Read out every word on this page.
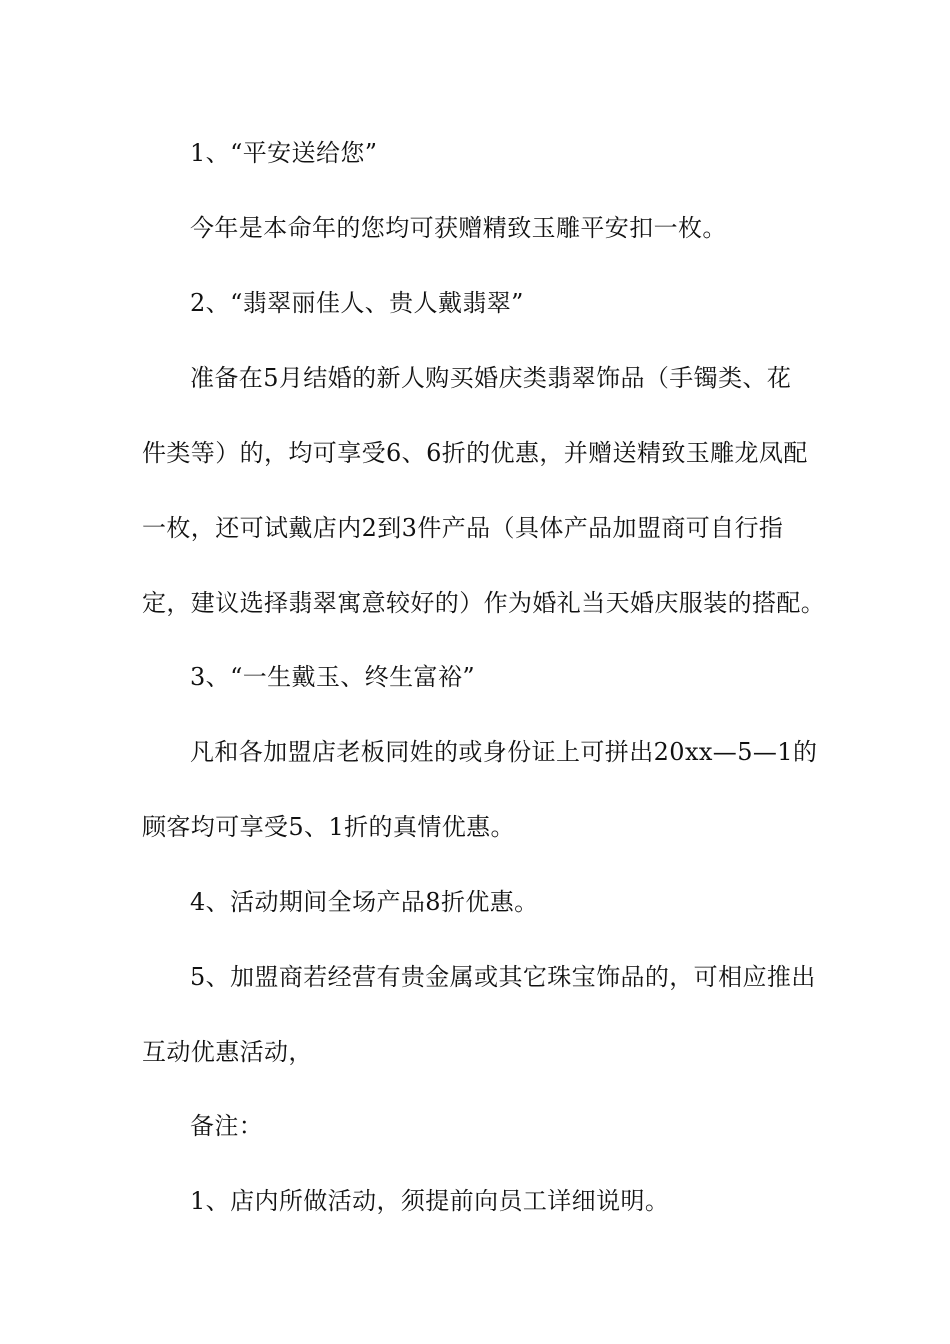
1、“平安送给您”
今年是本命年的您均可获赠精致玉雕平安扣一枚。
2、“翡翠丽佳人、贵人戴翡翠”
准备在5月结婚的新人购买婚庆类翡翠饰品（手镯类、花
件类等）的，均可享受6、6折的优惠，并赠送精致玉雕龙凤配
一枚，还可试戴店内2到3件产品（具体产品加盟商可自行指
定，建议选择翡翠寓意较好的）作为婚礼当天婚庆服装的搭配。
3、“一生戴玉、终生富裕”
凡和各加盟店老板同姓的或身份证上可拼出20xx—5—1的
顾客均可享受5、1折的真情优惠。
4、活动期间全场产品8折优惠。
5、加盟商若经营有贵金属或其它珠宝饰品的，可相应推出
互动优惠活动，
备注：
1、店内所做活动，须提前向员工详细说明。
